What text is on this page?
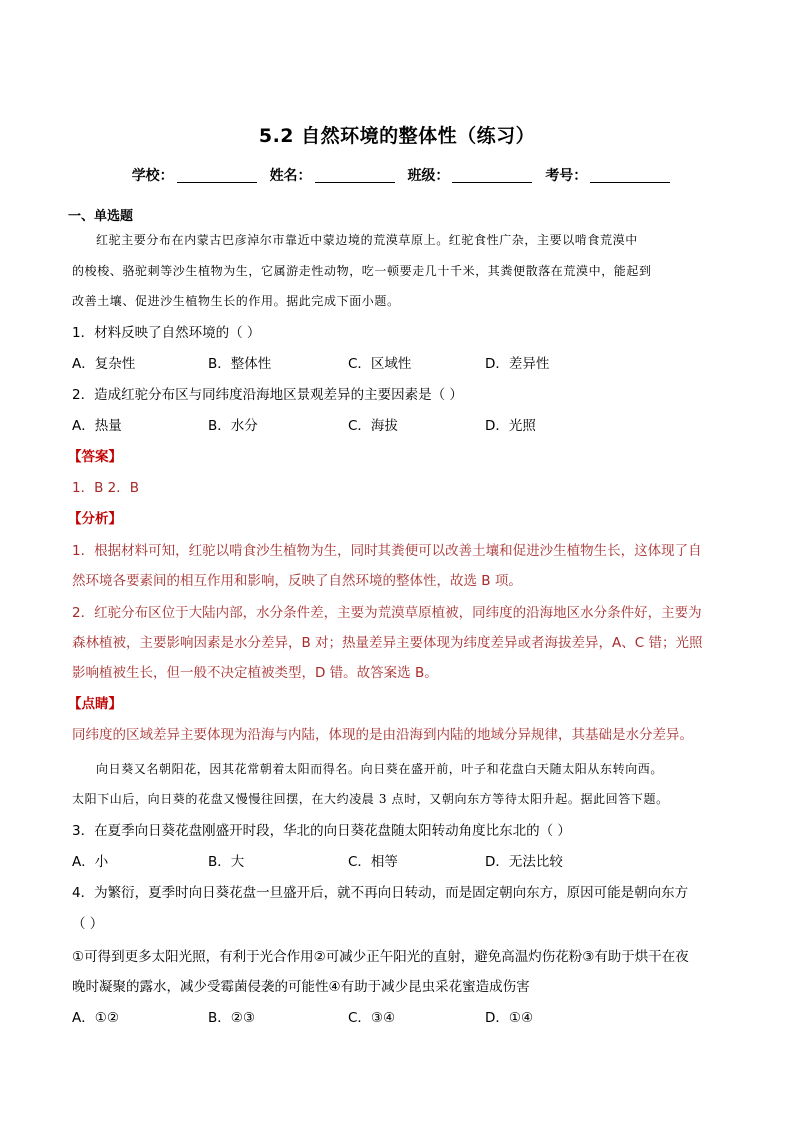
5.2 自然环境的整体性（练习）
学校：	姓名：	班级：	考号：
一、单选题
红驼主要分布在内蒙古巴彦淖尔市靠近中蒙边境的荒漠草原上。红驼食性广杂，主要以啃食荒漠中
的梭梭、骆驼刺等沙生植物为生，它属游走性动物，吃一顿要走几十千米，其粪便散落在荒漠中，能起到
改善土壤、促进沙生植物生长的作用。据此完成下面小题。
1．材料反映了自然环境的（ ）
A．复杂性	B．整体性	C．区域性	D．差异性
2．造成红驼分布区与同纬度沿海地区景观差异的主要因素是（ ）
A．热量	B．水分	C．海拔	D．光照
【答案】
1．B 2．B
【分析】
1．根据材料可知，红驼以啃食沙生植物为生，同时其粪便可以改善土壤和促进沙生植物生长，这体现了自
然环境各要素间的相互作用和影响，反映了自然环境的整体性，故选 B 项。
2．红驼分布区位于大陆内部，水分条件差，主要为荒漠草原植被，同纬度的沿海地区水分条件好，主要为
森林植被，主要影响因素是水分差异，B 对；热量差异主要体现为纬度差异或者海拔差异，A、C 错；光照
影响植被生长，但一般不决定植被类型，D 错。故答案选 B。
【点睛】
同纬度的区域差异主要体现为沿海与内陆，体现的是由沿海到内陆的地域分异规律，其基础是水分差异。
向日葵又名朝阳花，因其花常朝着太阳而得名。向日葵在盛开前，叶子和花盘白天随太阳从东转向西。
太阳下山后，向日葵的花盘又慢慢往回摆，在大约凌晨 3 点时，又朝向东方等待太阳升起。据此回答下题。
3．在夏季向日葵花盘刚盛开时段，华北的向日葵花盘随太阳转动角度比东北的（ ）
A．小	B．大	C．相等	D．无法比较
4．为繁衍，夏季时向日葵花盘一旦盛开后，就不再向日转动，而是固定朝向东方，原因可能是朝向东方
（ ）
①可得到更多太阳光照，有利于光合作用②可减少正午阳光的直射，避免高温灼伤花粉③有助于烘干在夜
晚时凝聚的露水，减少受霉菌侵袭的可能性④有助于减少昆虫采花蜜造成伤害
A．①②	B．②③	C．③④	D．①④
